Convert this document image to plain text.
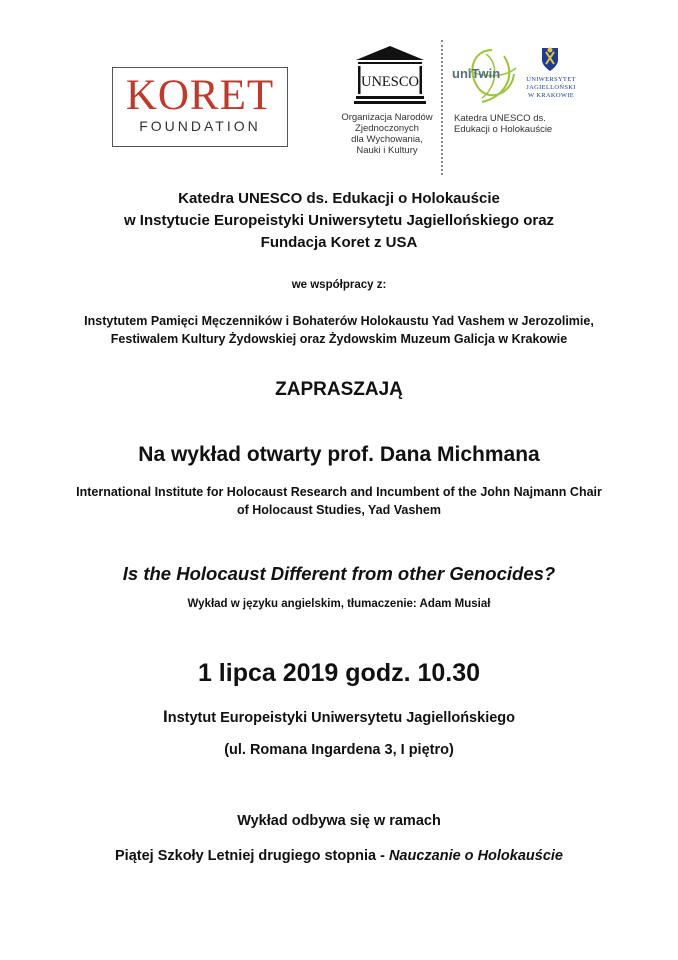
KORET
FOUNDATION
UNESCO
Organizacja Narodów
Zjednoczonych
dla Wychowania,
Nauki i Kultury
uniTwin
Katedra UNESCO ds.
Edukacji o Holokauście
UNIWERSYTET
JAGIELLOŃSKI
W KRAKOWIE
Katedra UNESCO ds. Edukacji o Holokauście
w Instytucie Europeistyki Uniwersytetu Jagiellońskiego oraz
Fundacja Koret z USA
we współpracy z:
Instytutem Pamięci Męczenników i Bohaterów Holokaustu Yad Vashem w Jerozolimie,
Festiwalem Kultury Żydowskiej oraz Żydowskim Muzeum Galicja w Krakowie
ZAPRASZAJĄ
Na wykład otwarty prof. Dana Michmana
International Institute for Holocaust Research and Incumbent of the John Najmann Chair
of Holocaust Studies, Yad Vashem
Is the Holocaust Different from other Genocides?
Wykład w języku angielskim, tłumaczenie: Adam Musiał
1 lipca 2019 godz. 10.30
Instytut Europeistyki Uniwersytetu Jagiellońskiego
(ul. Romana Ingardena 3, I piętro)
Wykład odbywa się w ramach
Piątej Szkoły Letniej drugiego stopnia - Nauczanie o Holokauście
